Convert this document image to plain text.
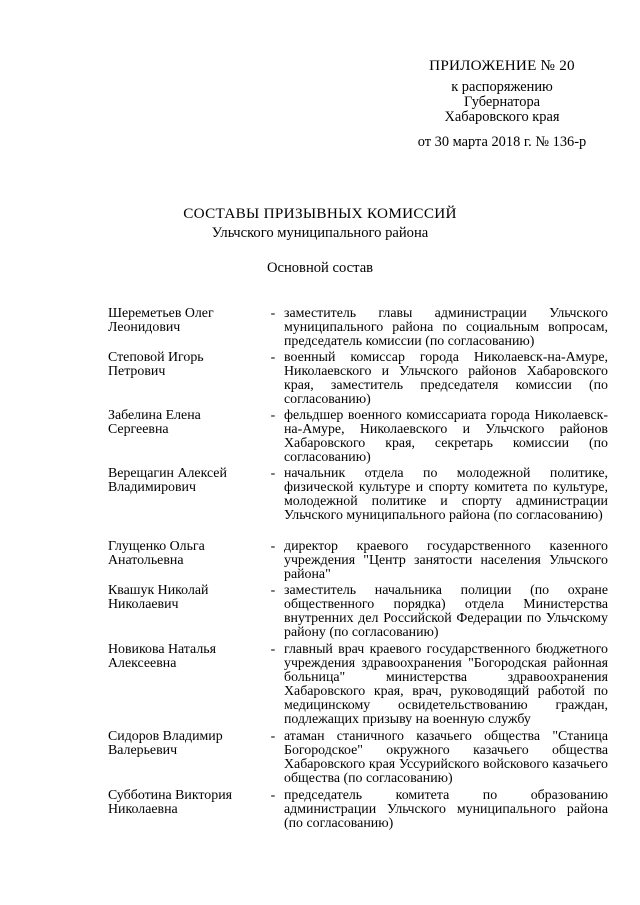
ПРИЛОЖЕНИЕ № 20
к распоряжению
Губернатора
Хабаровского края
от 30 марта 2018 г. № 136-р
СОСТАВЫ ПРИЗЫВНЫХ КОМИССИЙ
Ульчского муниципального района
Основной состав
Шереметьев Олег
Леонидович
- заместитель главы администрации Ульчского муниципального района по социальным вопросам, председатель комиссии (по согласованию)
Степовой Игорь
Петрович
- военный комиссар города Николаевск-на-Амуре, Николаевского и Ульчского районов Хабаровского края, заместитель председателя комиссии (по согласованию)
Забелина Елена
Сергеевна
- фельдшер военного комиссариата города Николаевск-на-Амуре, Николаевского и Ульчского районов Хабаровского края, секретарь комиссии (по согласованию)
Верещагин Алексей
Владимирович
- начальник отдела по молодежной политике, физической культуре и спорту комитета по культуре, молодежной политике и спорту администрации Ульчского муниципального района (по согласованию)
Глущенко Ольга
Анатольевна
- директор краевого государственного казенного учреждения "Центр занятости населения Ульчского района"
Квашук Николай
Николаевич
- заместитель начальника полиции (по охране общественного порядка) отдела Министерства внутренних дел Российской Федерации по Ульчскому району (по согласованию)
Новикова Наталья
Алексеевна
- главный врач краевого государственного бюджетного учреждения здравоохранения "Богородская районная больница" министерства здравоохранения Хабаровского края, врач, руководящий работой по медицинскому освидетельствованию граждан, подлежащих призыву на военную службу
Сидоров Владимир
Валерьевич
- атаман станичного казачьего общества "Станица Богородское" окружного казачьего общества Хабаровского края Уссурийского войскового казачьего общества (по согласованию)
Субботина Виктория
Николаевна
- председатель комитета по образованию администрации Ульчского муниципального района (по согласованию)
